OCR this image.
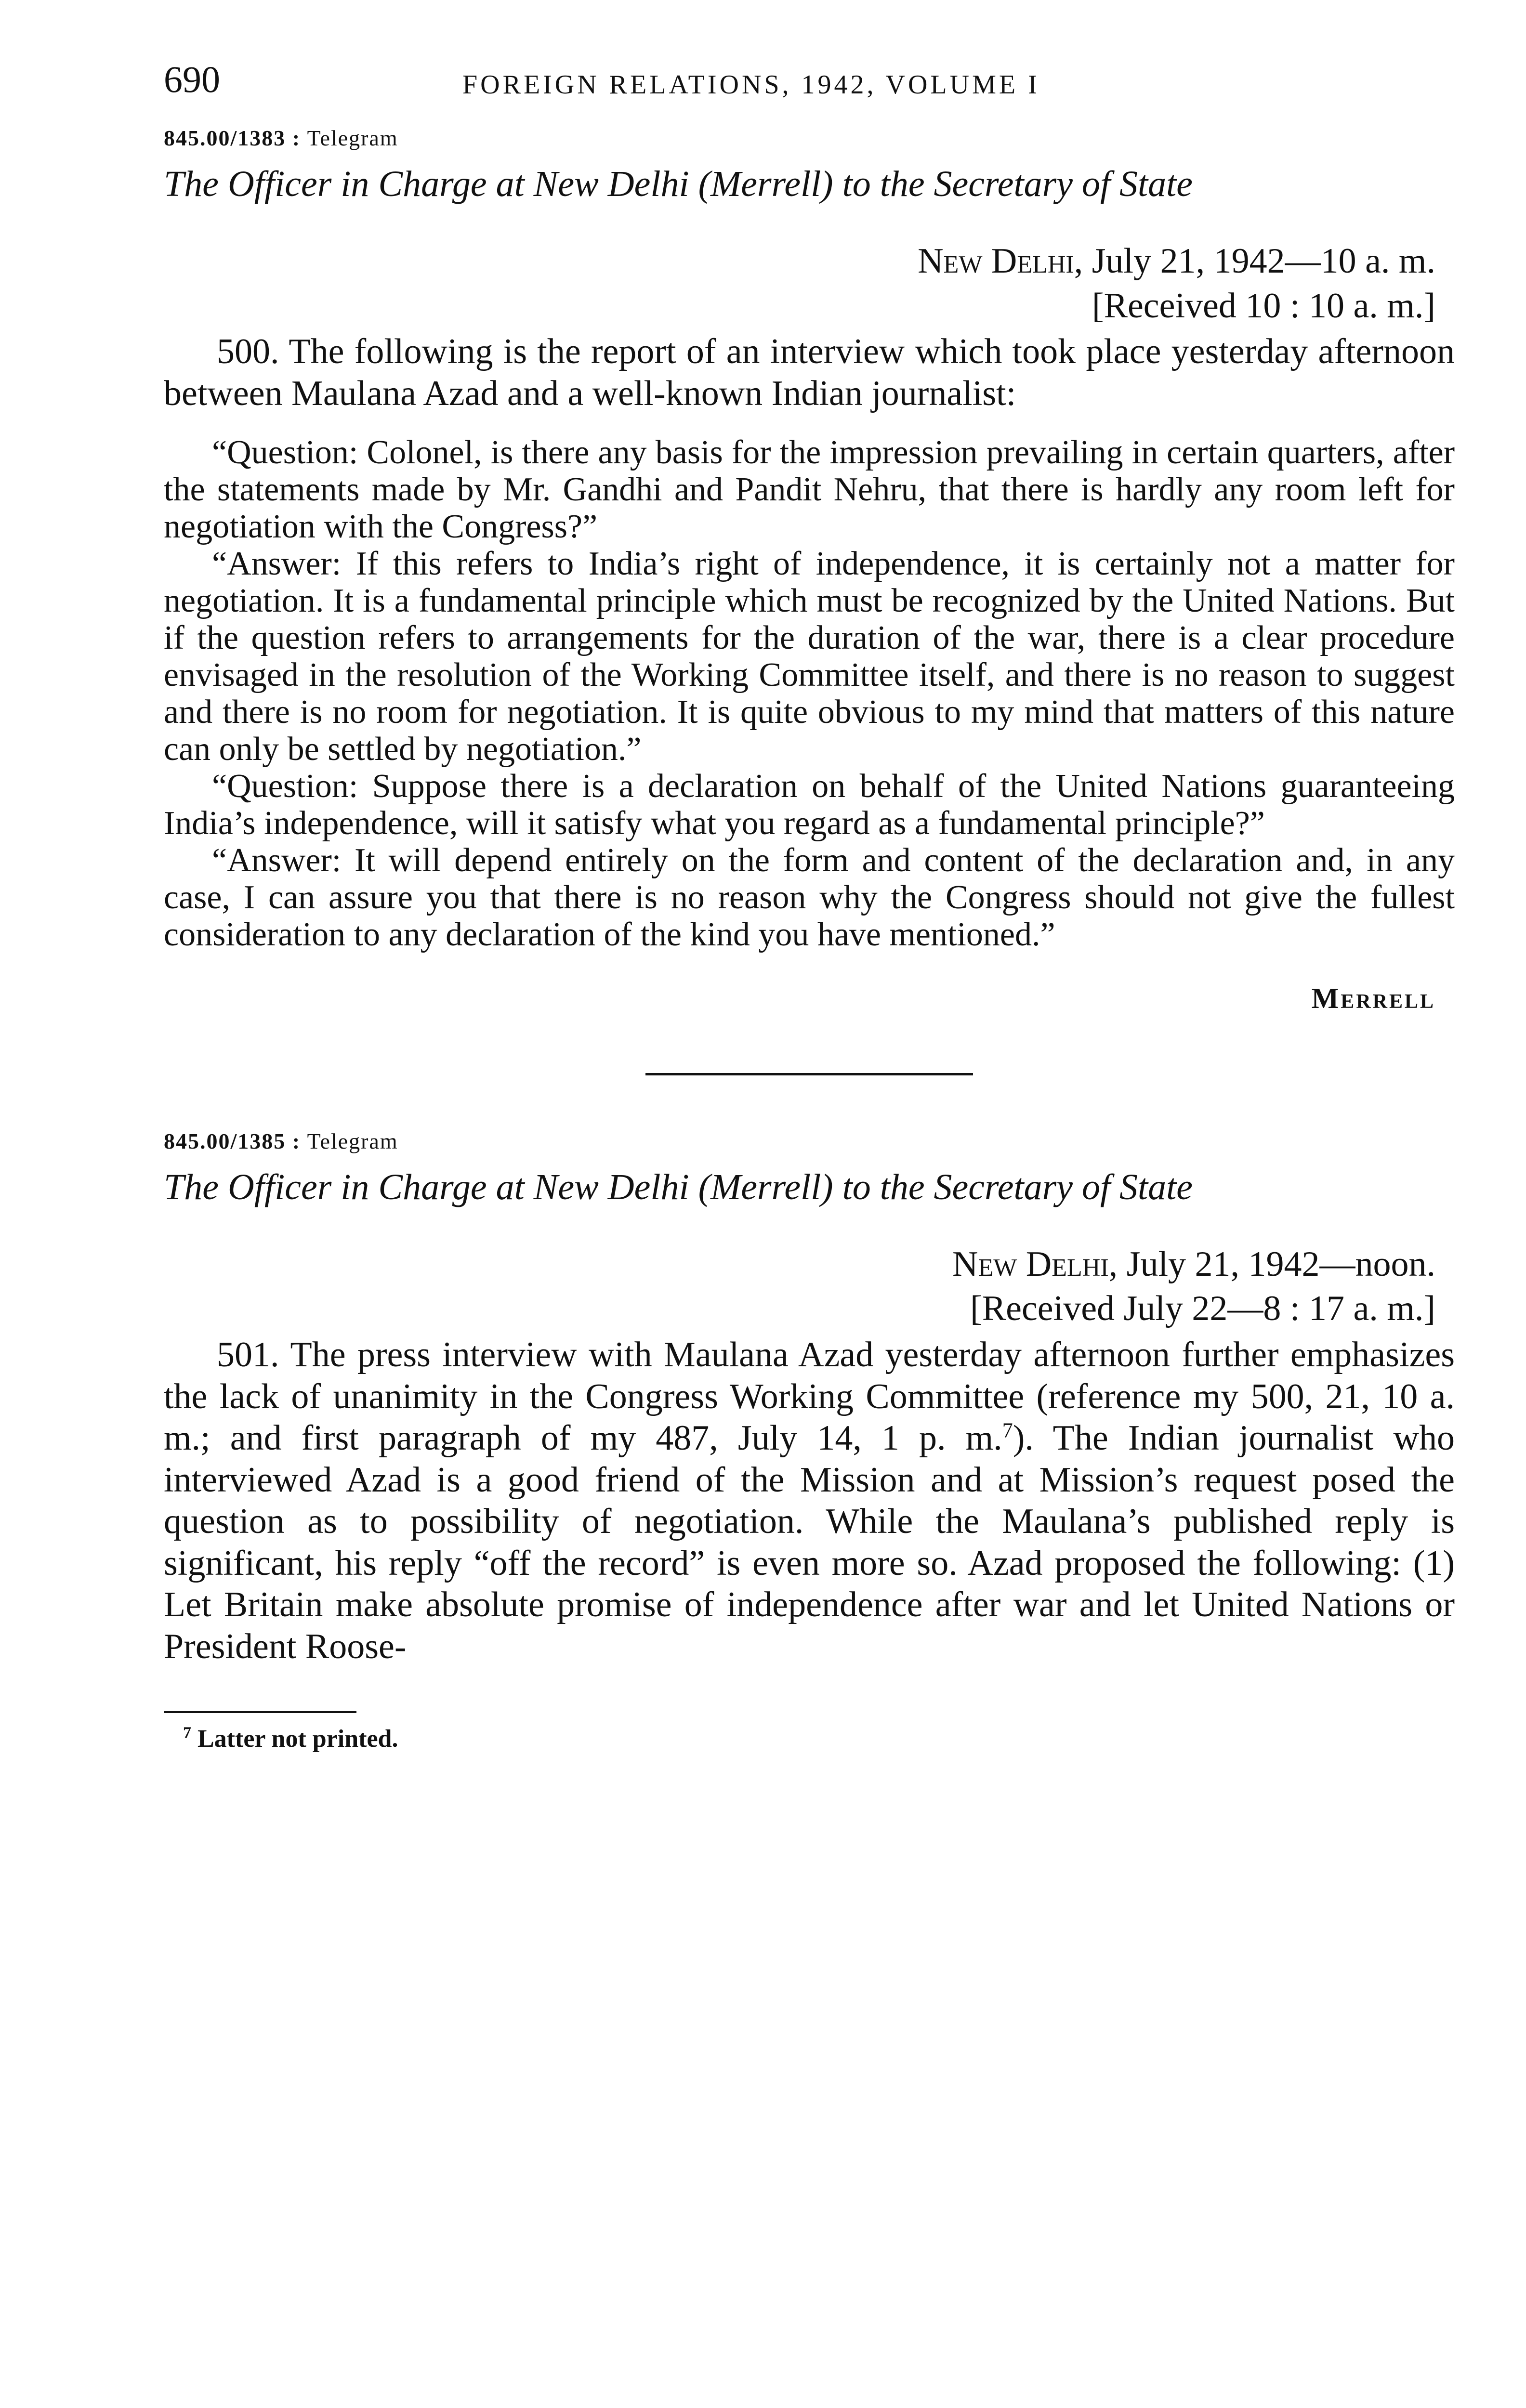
690	FOREIGN RELATIONS, 1942, VOLUME I
845.00/1383 : Telegram
The Officer in Charge at New Delhi (Merrell) to the Secretary of State
New Delhi, July 21, 1942—10 a. m.
[Received 10 : 10 a. m.]

500. The following is the report of an interview which took place yesterday afternoon between Maulana Azad and a well-known Indian journalist:

“Question: Colonel, is there any basis for the impression prevailing in certain quarters, after the statements made by Mr. Gandhi and Pandit Nehru, that there is hardly any room left for negotiation with the Congress?”

“Answer: If this refers to India’s right of independence, it is certainly not a matter for negotiation. It is a fundamental principle which must be recognized by the United Nations. But if the question refers to arrangements for the duration of the war, there is a clear procedure envisaged in the resolution of the Working Committee itself, and there is no reason to suggest and there is no room for negotiation. It is quite obvious to my mind that matters of this nature can only be settled by negotiation.”

“Question: Suppose there is a declaration on behalf of the United Nations guaranteeing India’s independence, will it satisfy what you regard as a fundamental principle?”

“Answer: It will depend entirely on the form and content of the declaration and, in any case, I can assure you that there is no reason why the Congress should not give the fullest consideration to any declaration of the kind you have mentioned.”

Merrell
845.00/1385 : Telegram
The Officer in Charge at New Delhi (Merrell) to the Secretary of State
New Delhi, July 21, 1942—noon.
[Received July 22—8 : 17 a. m.]

501. The press interview with Maulana Azad yesterday afternoon further emphasizes the lack of unanimity in the Congress Working Committee (reference my 500, 21, 10 a. m.; and first paragraph of my 487, July 14, 1 p. m.$^7$). The Indian journalist who interviewed Azad is a good friend of the Mission and at Mission’s request posed the question as to possibility of negotiation. While the Maulana’s published reply is significant, his reply “off the record” is even more so. Azad proposed the following: (1) Let Britain make absolute promise of independence after war and let United Nations or President Roose-

$^7$ Latter not printed.
